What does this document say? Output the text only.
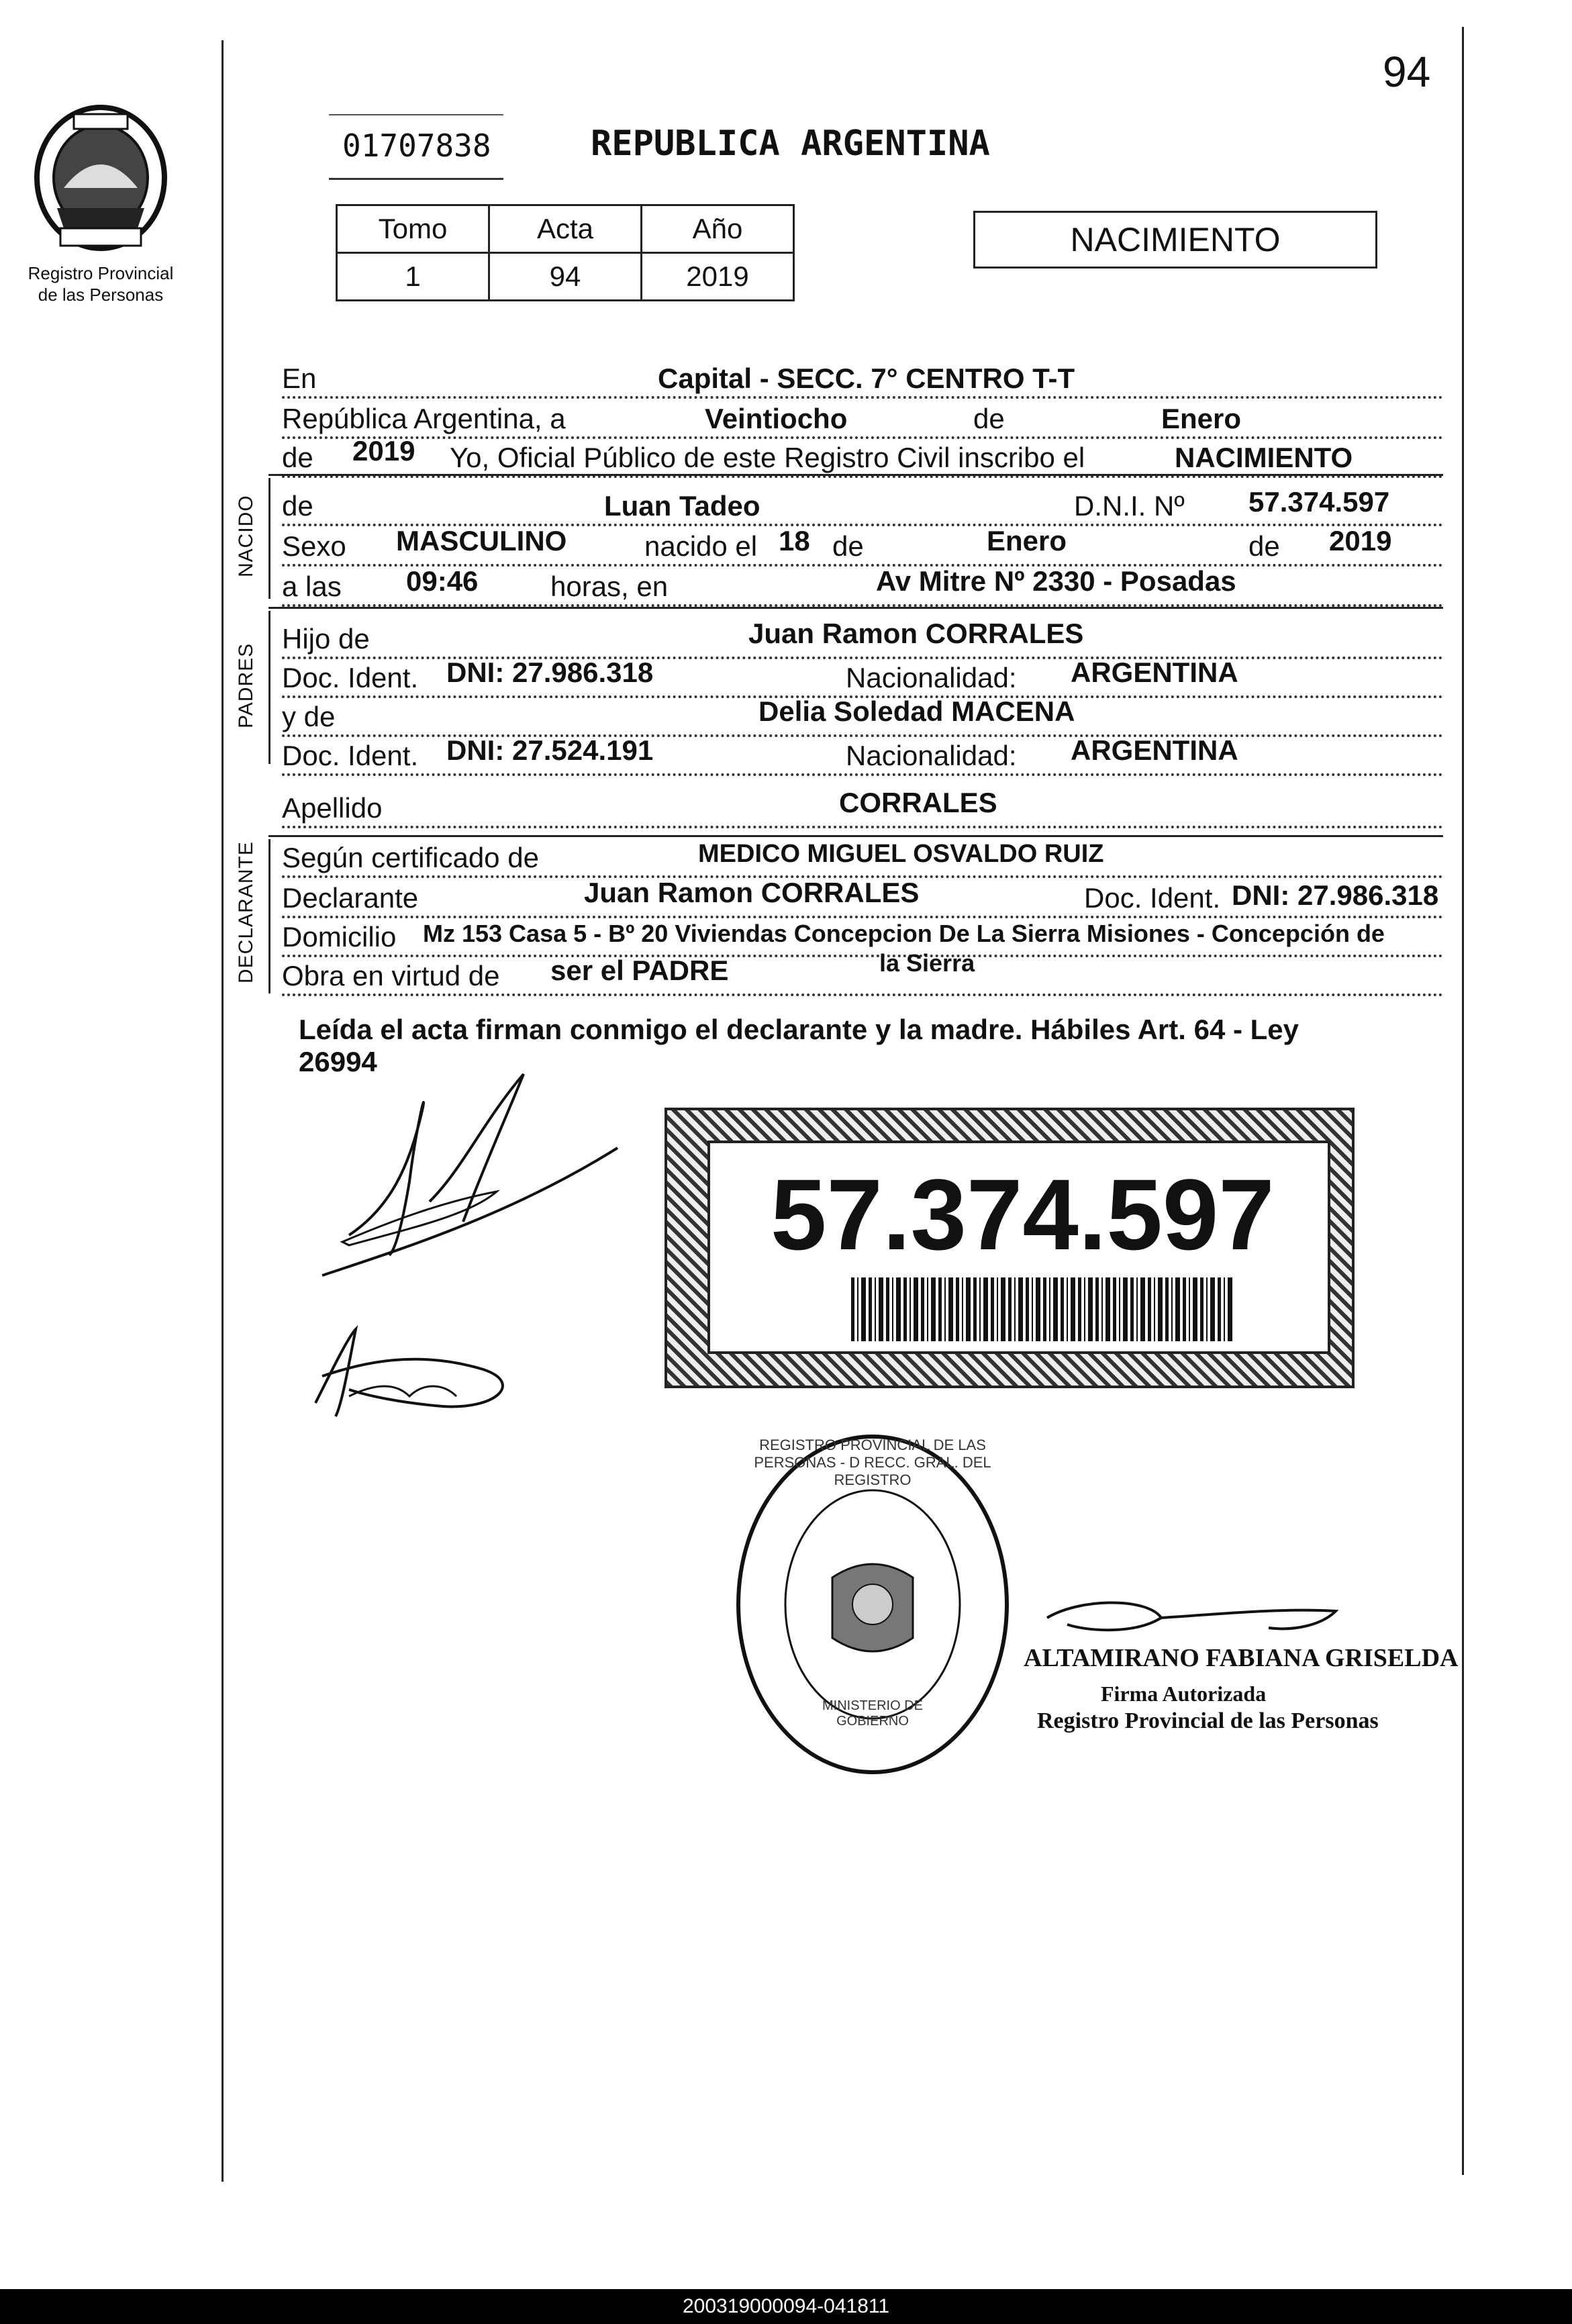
Registro Provincial
de las Personas
94
01707838	REPUBLICA ARGENTINA
Tomo	Acta	Año
1	94	2019
NACIMIENTO
En	Capital - SECC. 7° CENTRO T-T
República Argentina, a	Veintiocho	de	Enero
de 2019 Yo, Oficial Público de este Registro Civil inscribo el	NACIMIENTO
NACIDO de	Luan Tadeo	D.N.I. Nº 57.374.597
Sexo MASCULINO	nacido el 18 de	Enero	de 2019
a las 09:46	horas, en	Av Mitre Nº 2330 - Posadas
PADRES
Hijo de	Juan Ramon CORRALES
Doc. Ident. DNI: 27.986.318	Nacionalidad: ARGENTINA
y de	Delia Soledad MACENA
Doc. Ident. DNI: 27.524.191	Nacionalidad: ARGENTINA
Apellido	CORRALES
DECLARANTE Según certificado de	MEDICO MIGUEL OSVALDO RUIZ
Declarante	Juan Ramon CORRALES	Doc. Ident. DNI: 27.986.318
Domicilio Mz 153 Casa 5 - Bº 20 Viviendas Concepcion De La Sierra Misiones - Concepción de
Obra en virtud de ser el PADRE	la Sierra
Leída el acta firman conmigo el declarante y la madre. Hábiles Art. 64 - Ley
26994
57.374.597
REGISTRO PROVINCIAL DE LAS PERSONAS - D RECC. GRAL. DEL REGISTRO
MINISTERIO DE GOBIERNO
ALTAMIRANO FABIANA GRISELDA
Firma Autorizada
Registro Provincial de las Personas
200319000094-041811
